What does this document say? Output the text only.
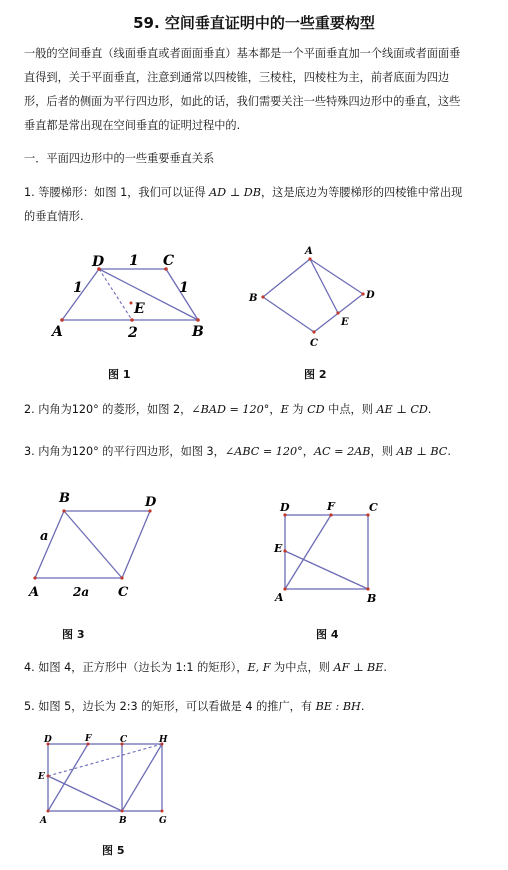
59. 空间垂直证明中的一些重要构型
一般的空间垂直（线面垂直或者面面垂直）基本都是一个平面垂直加一个线面或者面面垂
直得到，关于平面垂直，注意到通常以四棱锥，三棱柱，四棱柱为主，前者底面为四边
形，后者的侧面为平行四边形，如此的话，我们需要关注一些特殊四边形中的垂直，这些
垂直都是常出现在空间垂直的证明过程中的.
一．平面四边形中的一些重要垂直关系
1. 等腰梯形：如图 1，我们可以证得 AD ⊥ DB，这是底边为等腰梯形的四棱锥中常出现
的垂直情形.
D	C
A	B
E
1
1	1
2
A
B	D
E
C
B	D
A	C
a
2a
D	F	C
E
A	B
D	F	C	H
E
A	B	G
图 1	图 2
2. 内角为120° 的菱形，如图 2，∠BAD = 120°，E 为 CD 中点，则 AE ⊥ CD.
3. 内角为120° 的平行四边形，如图 3，∠ABC = 120°，AC = 2AB，则 AB ⊥ BC.
图 3	图 4
4. 如图 4，正方形中（边长为 1:1 的矩形），E, F 为中点，则 AF ⊥ BE.
5. 如图 5，边长为 2:3 的矩形，可以看做是 4 的推广，有 BE : BH.
图 5
